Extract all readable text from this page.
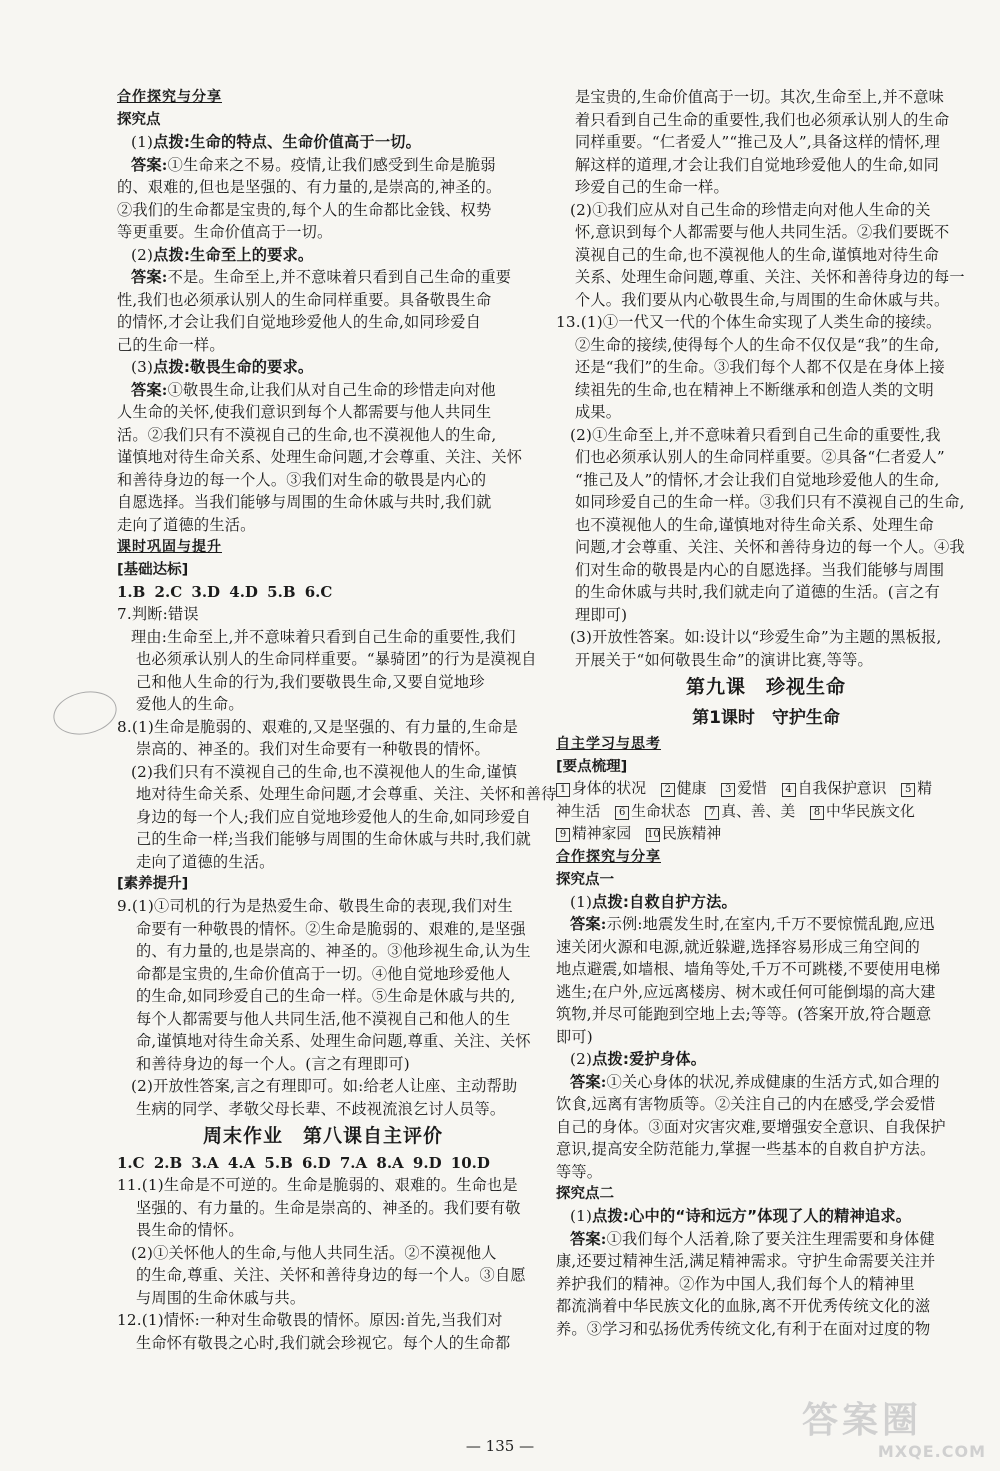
合作探究与分享
探究点
(1)点拨:生命的特点、生命价值高于一切。
答案:①生命来之不易。疫情,让我们感受到生命是脆弱
的、艰难的,但也是坚强的、有力量的,是崇高的,神圣的。
②我们的生命都是宝贵的,每个人的生命都比金钱、权势
等更重要。生命价值高于一切。
(2)点拨:生命至上的要求。
答案:不是。生命至上,并不意味着只看到自己生命的重要
性,我们也必须承认别人的生命同样重要。具备敬畏生命
的情怀,才会让我们自觉地珍爱他人的生命,如同珍爱自
己的生命一样。
(3)点拨:敬畏生命的要求。
答案:①敬畏生命,让我们从对自己生命的珍惜走向对他
人生命的关怀,使我们意识到每个人都需要与他人共同生
活。②我们只有不漠视自己的生命,也不漠视他人的生命,
谨慎地对待生命关系、处理生命问题,才会尊重、关注、关怀
和善待身边的每一个人。③我们对生命的敬畏是内心的
自愿选择。当我们能够与周围的生命休戚与共时,我们就
走向了道德的生活。
课时巩固与提升
[基础达标]
1.B 2.C 3.D 4.D 5.B 6.C
7.判断:错误
理由:生命至上,并不意味着只看到自己生命的重要性,我们
也必须承认别人的生命同样重要。“暴骑团”的行为是漠视自
己和他人生命的行为,我们要敬畏生命,又要自觉地珍
爱他人的生命。
8.(1)生命是脆弱的、艰难的,又是坚强的、有力量的,生命是
崇高的、神圣的。我们对生命要有一种敬畏的情怀。
(2)我们只有不漠视自己的生命,也不漠视他人的生命,谨慎
地对待生命关系、处理生命问题,才会尊重、关注、关怀和善待
身边的每一个人;我们应自觉地珍爱他人的生命,如同珍爱自
己的生命一样;当我们能够与周围的生命休戚与共时,我们就
走向了道德的生活。
[素养提升]
9.(1)①司机的行为是热爱生命、敬畏生命的表现,我们对生
命要有一种敬畏的情怀。②生命是脆弱的、艰难的,是坚强
的、有力量的,也是崇高的、神圣的。③他珍视生命,认为生
命都是宝贵的,生命价值高于一切。④他自觉地珍爱他人
的生命,如同珍爱自己的生命一样。⑤生命是休戚与共的,
每个人都需要与他人共同生活,他不漠视自己和他人的生
命,谨慎地对待生命关系、处理生命问题,尊重、关注、关怀
和善待身边的每一个人。(言之有理即可)
(2)开放性答案,言之有理即可。如:给老人让座、主动帮助
生病的同学、孝敬父母长辈、不歧视流浪乞讨人员等。
周末作业　第八课自主评价
1.C 2.B 3.A 4.A 5.B 6.D 7.A 8.A 9.D 10.D
11.(1)生命是不可逆的。生命是脆弱的、艰难的。生命也是
坚强的、有力量的。生命是崇高的、神圣的。我们要有敬
畏生命的情怀。
(2)①关怀他人的生命,与他人共同生活。②不漠视他人
的生命,尊重、关注、关怀和善待身边的每一个人。③自愿
与周围的生命休戚与共。
12.(1)情怀:一种对生命敬畏的情怀。原因:首先,当我们对
生命怀有敬畏之心时,我们就会珍视它。每个人的生命都
是宝贵的,生命价值高于一切。其次,生命至上,并不意味
着只看到自己生命的重要性,我们也必须承认别人的生命
同样重要。“仁者爱人”“推己及人”,具备这样的情怀,理
解这样的道理,才会让我们自觉地珍爱他人的生命,如同
珍爱自己的生命一样。
(2)①我们应从对自己生命的珍惜走向对他人生命的关
怀,意识到每个人都需要与他人共同生活。②我们要既不
漠视自己的生命,也不漠视他人的生命,谨慎地对待生命
关系、处理生命问题,尊重、关注、关怀和善待身边的每一
个人。我们要从内心敬畏生命,与周围的生命休戚与共。
13.(1)①一代又一代的个体生命实现了人类生命的接续。
②生命的接续,使得每个人的生命不仅仅是“我”的生命,
还是“我们”的生命。③我们每个人都不仅是在身体上接
续祖先的生命,也在精神上不断继承和创造人类的文明
成果。
(2)①生命至上,并不意味着只看到自己生命的重要性,我
们也必须承认别人的生命同样重要。②具备“仁者爱人”
“推己及人”的情怀,才会让我们自觉地珍爱他人的生命,
如同珍爱自己的生命一样。③我们只有不漠视自己的生命,
也不漠视他人的生命,谨慎地对待生命关系、处理生命
问题,才会尊重、关注、关怀和善待身边的每一个人。④我
们对生命的敬畏是内心的自愿选择。当我们能够与周围
的生命休戚与共时,我们就走向了道德的生活。(言之有
理即可)
(3)开放性答案。如:设计以“珍爱生命”为主题的黑板报,
开展关于“如何敬畏生命”的演讲比赛,等等。
第九课　珍视生命
第1课时　守护生命
自主学习与思考
[要点梳理]
1 身体的状况　2 健康　3 爱惜　4 自我保护意识　5 精
神生活　6 生命状态　7 真、善、美　8 中华民族文化
9 精神家园　10 民族精神
合作探究与分享
探究点一
(1)点拨:自救自护方法。
答案:示例:地震发生时,在室内,千万不要惊慌乱跑,应迅
速关闭火源和电源,就近躲避,选择容易形成三角空间的
地点避震,如墙根、墙角等处,千万不可跳楼,不要使用电梯
逃生;在户外,应远离楼房、树木或任何可能倒塌的高大建
筑物,并尽可能跑到空地上去;等等。(答案开放,符合题意
即可)
(2)点拨:爱护身体。
答案:①关心身体的状况,养成健康的生活方式,如合理的
饮食,远离有害物质等。②关注自己的内在感受,学会爱惜
自己的身体。③面对灾害灾难,要增强安全意识、自我保护
意识,提高安全防范能力,掌握一些基本的自救自护方法。
等等。
探究点二
(1)点拨:心中的“诗和远方”体现了人的精神追求。
答案:①我们每个人活着,除了要关注生理需要和身体健
康,还要过精神生活,满足精神需求。守护生命需要关注并
养护我们的精神。②作为中国人,我们每个人的精神里
都流淌着中华民族文化的血脉,离不开优秀传统文化的滋
养。③学习和弘扬优秀传统文化,有利于在面对过度的物
— 135 —
答案圈
MXQE.COM
